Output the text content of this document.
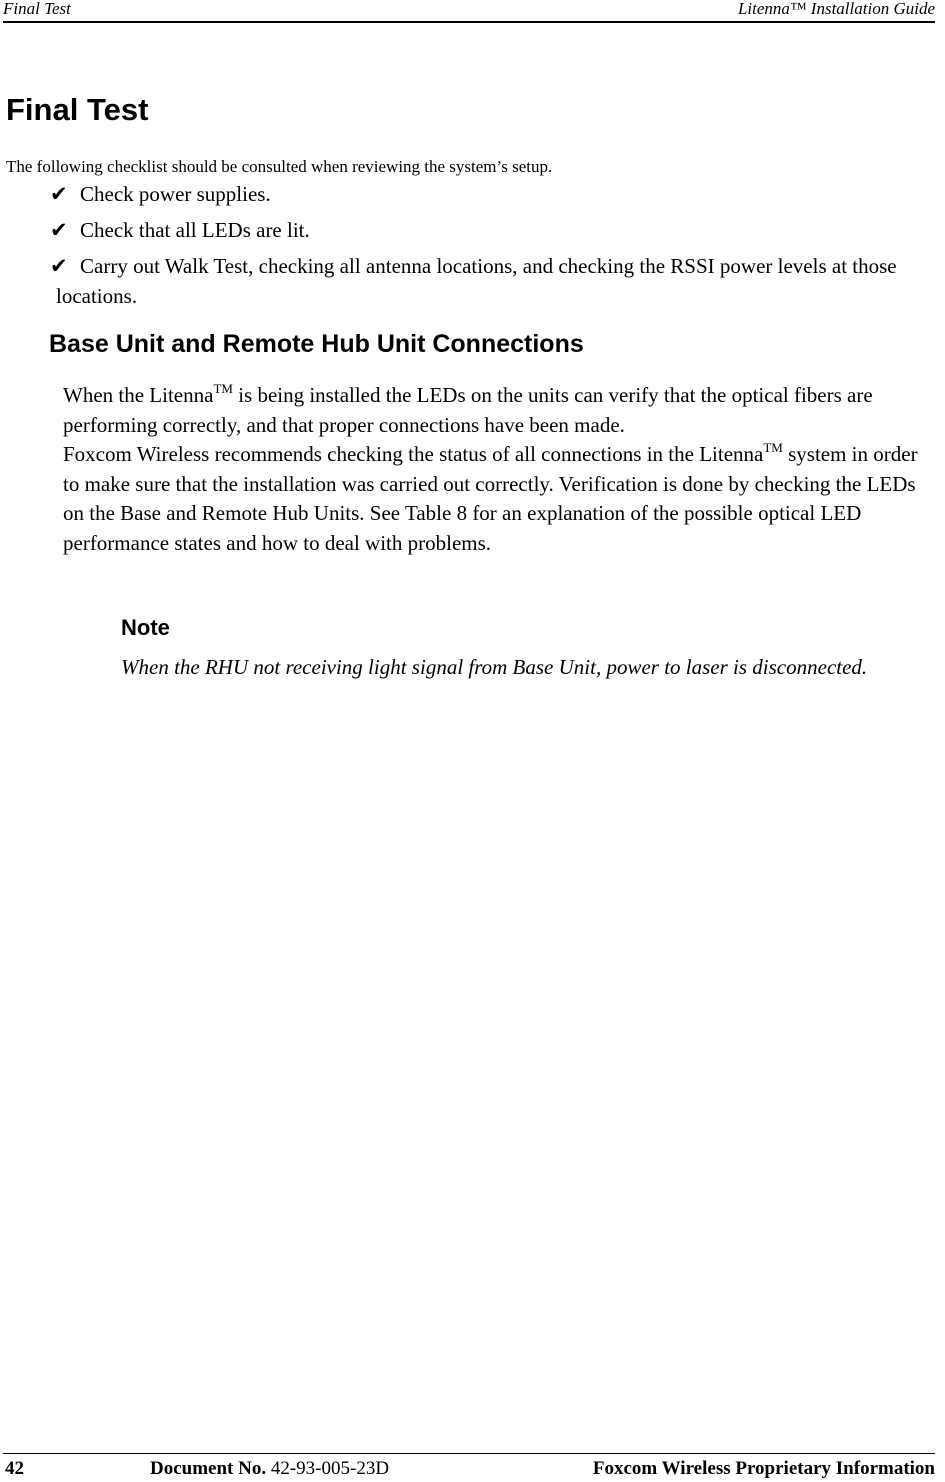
Final Test	Litenna™ Installation Guide
Final Test
The following checklist should be consulted when reviewing the system’s setup.
✔ Check power supplies.
✔ Check that all LEDs are lit.
✔ Carry out Walk Test, checking all antenna locations, and checking the RSSI power levels at those locations.
Base Unit and Remote Hub Unit Connections

When the Litenna™ is being installed the LEDs on the units can verify that the optical fibers are performing correctly, and that proper connections have been made.

Foxcom Wireless recommends checking the status of all connections in the Litenna™ system in order to make sure that the installation was carried out correctly. Verification is done by checking the LEDs on the Base and Remote Hub Units. See Table 8 for an explanation of the possible optical LED performance states and how to deal with problems.

Note
When the RHU not receiving light signal from Base Unit, power to laser is disconnected.
42	Document No. 42-93-005-23D	Foxcom Wireless Proprietary Information
